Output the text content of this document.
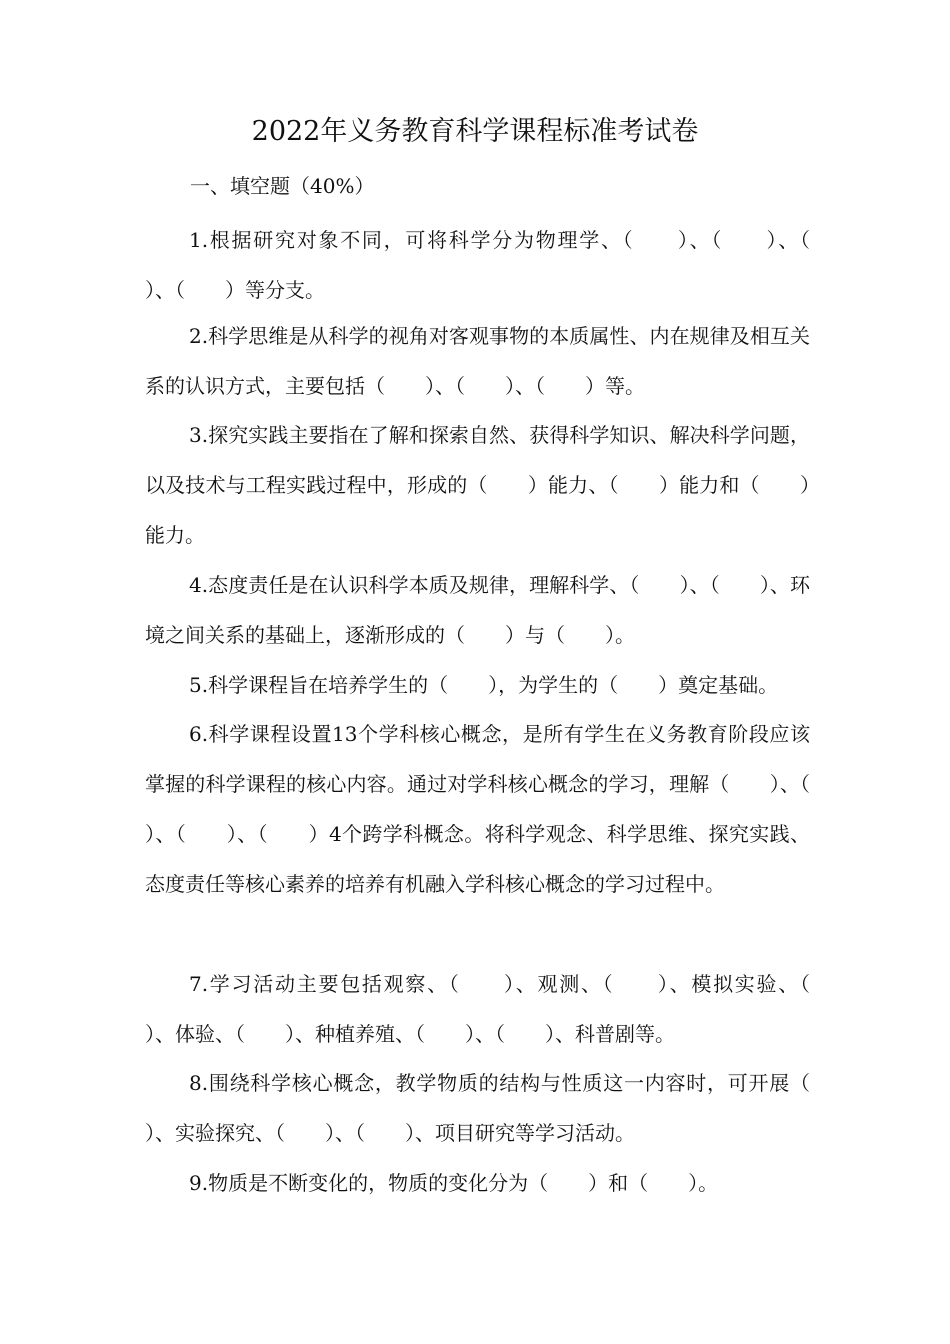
2022年义务教育科学课程标准考试卷
一、填空题（40%）

1.根据研究对象不同，可将科学分为物理学、（　　）、（　　）、（　　）、（　　）等分支。

2.科学思维是从科学的视角对客观事物的本质属性、内在规律及相互关系的认识方式，主要包括（　　）、（　　）、（　　）等。

3.探究实践主要指在了解和探索自然、获得科学知识、解决科学问题，以及技术与工程实践过程中，形成的（　　）能力、（　　）能力和（　　）能力。

4.态度责任是在认识科学本质及规律，理解科学、（　　）、（　　）、环境之间关系的基础上，逐渐形成的（　　）与（　　）。

5.科学课程旨在培养学生的（　　），为学生的（　　）奠定基础。

6.科学课程设置13个学科核心概念，是所有学生在义务教育阶段应该掌握的科学课程的核心内容。通过对学科核心概念的学习，理解（　　）、（　　）、（　　）、（　　）4个跨学科概念。将科学观念、科学思维、探究实践、态度责任等核心素养的培养有机融入学科核心概念的学习过程中。

7.学习活动主要包括观察、（　　）、观测、（　　）、模拟实验、（　　）、体验、（　　）、种植养殖、（　　）、（　　）、科普剧等。

8.围绕科学核心概念，教学物质的结构与性质这一内容时，可开展（　　）、实验探究、（　　）、（　　）、项目研究等学习活动。

9.物质是不断变化的，物质的变化分为（　　）和（　　）。
